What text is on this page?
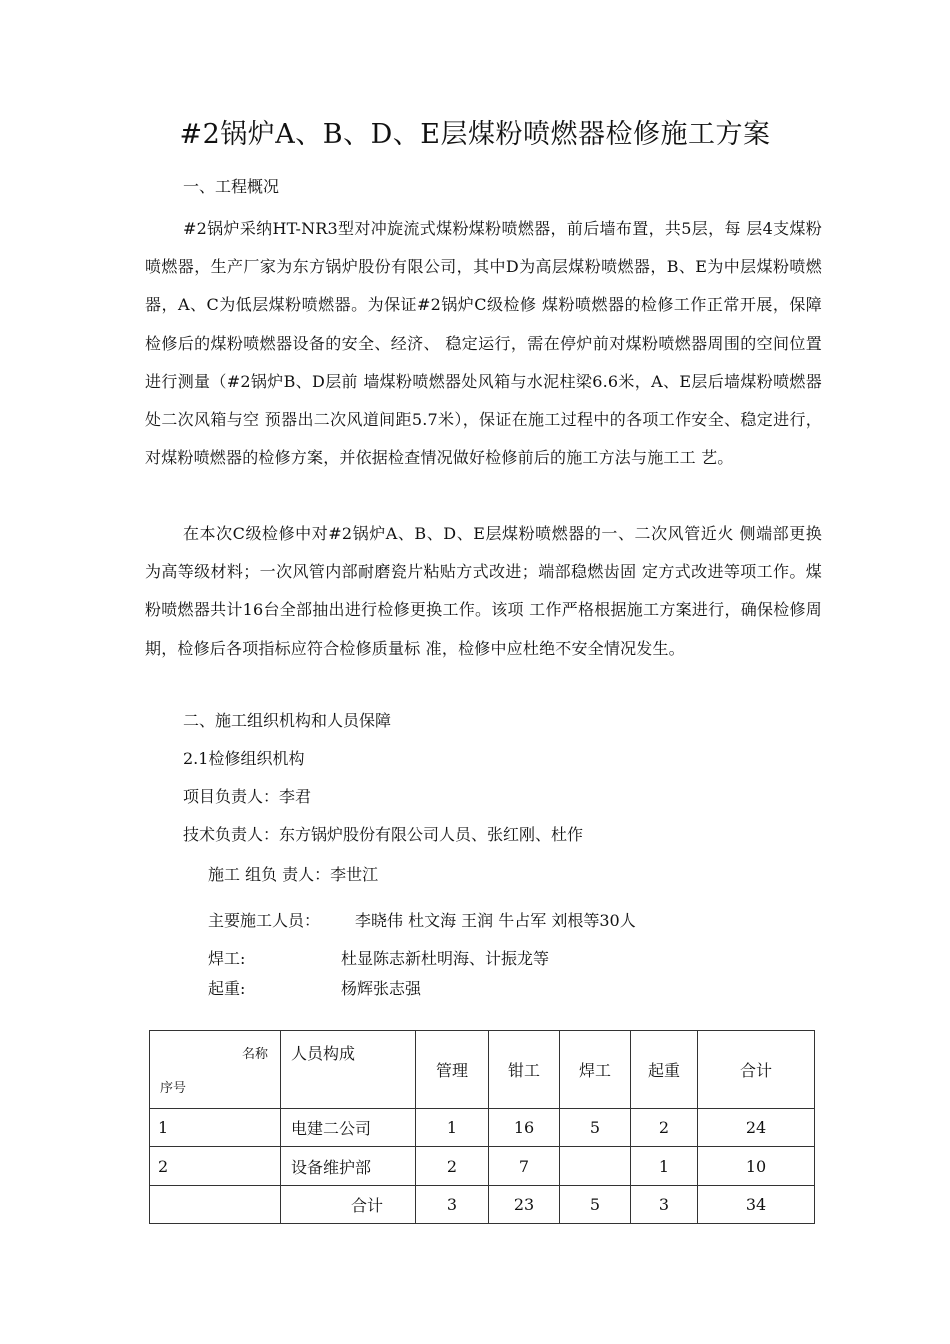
#2锅炉A、B、D、E层煤粉喷燃器检修施工方案
一、工程概况
#2锅炉采纳HT-NR3型对冲旋流式煤粉煤粉喷燃器，前后墙布置，共5层，每 层4支煤粉喷燃器，生产厂家为东方锅炉股份有限公司，其中D为高层煤粉喷燃器，B、E为中层煤粉喷燃器，A、C为低层煤粉喷燃器。为保证#2锅炉C级检修 煤粉喷燃器的检修工作正常开展，保障检修后的煤粉喷燃器设备的安全、经济、 稳定运行，需在停炉前对煤粉喷燃器周围的空间位置进行测量（#2锅炉B、D层前 墙煤粉喷燃器处风箱与水泥柱梁6.6米，A、E层后墙煤粉喷燃器处二次风箱与空 预器出二次风道间距5.7米），保证在施工过程中的各项工作安全、稳定进行， 对煤粉喷燃器的检修方案，并依据检查情况做好检修前后的施工方法与施工工 艺。
在本次C级检修中对#2锅炉A、B、D、E层煤粉喷燃器的一、二次风管近火 侧端部更换为高等级材料；一次风管内部耐磨瓷片粘贴方式改进；端部稳燃齿固 定方式改进等项工作。煤粉喷燃器共计16台全部抽出进行检修更换工作。该项 工作严格根据施工方案进行，确保检修周期，检修后各项指标应符合检修质量标 准，检修中应杜绝不安全情况发生。
二、施工组织机构和人员保障
2.1检修组织机构
项目负责人：李君
技术负责人：东方锅炉股份有限公司人员、张红刚、杜作
施工 组负 责人：李世江
主要施工人员： 李晓伟 杜文海 王润 牛占军 刘根等30人
焊工:	杜显陈志新杜明海、计振龙等
起重:	杨辉张志强
名称
序号	人员构成	管理	钳工	焊工	起重	合计
1	电建二公司	1	16	5	2	24
2	设备维护部	2	7		1	10
	合计	3	23	5	3	34
